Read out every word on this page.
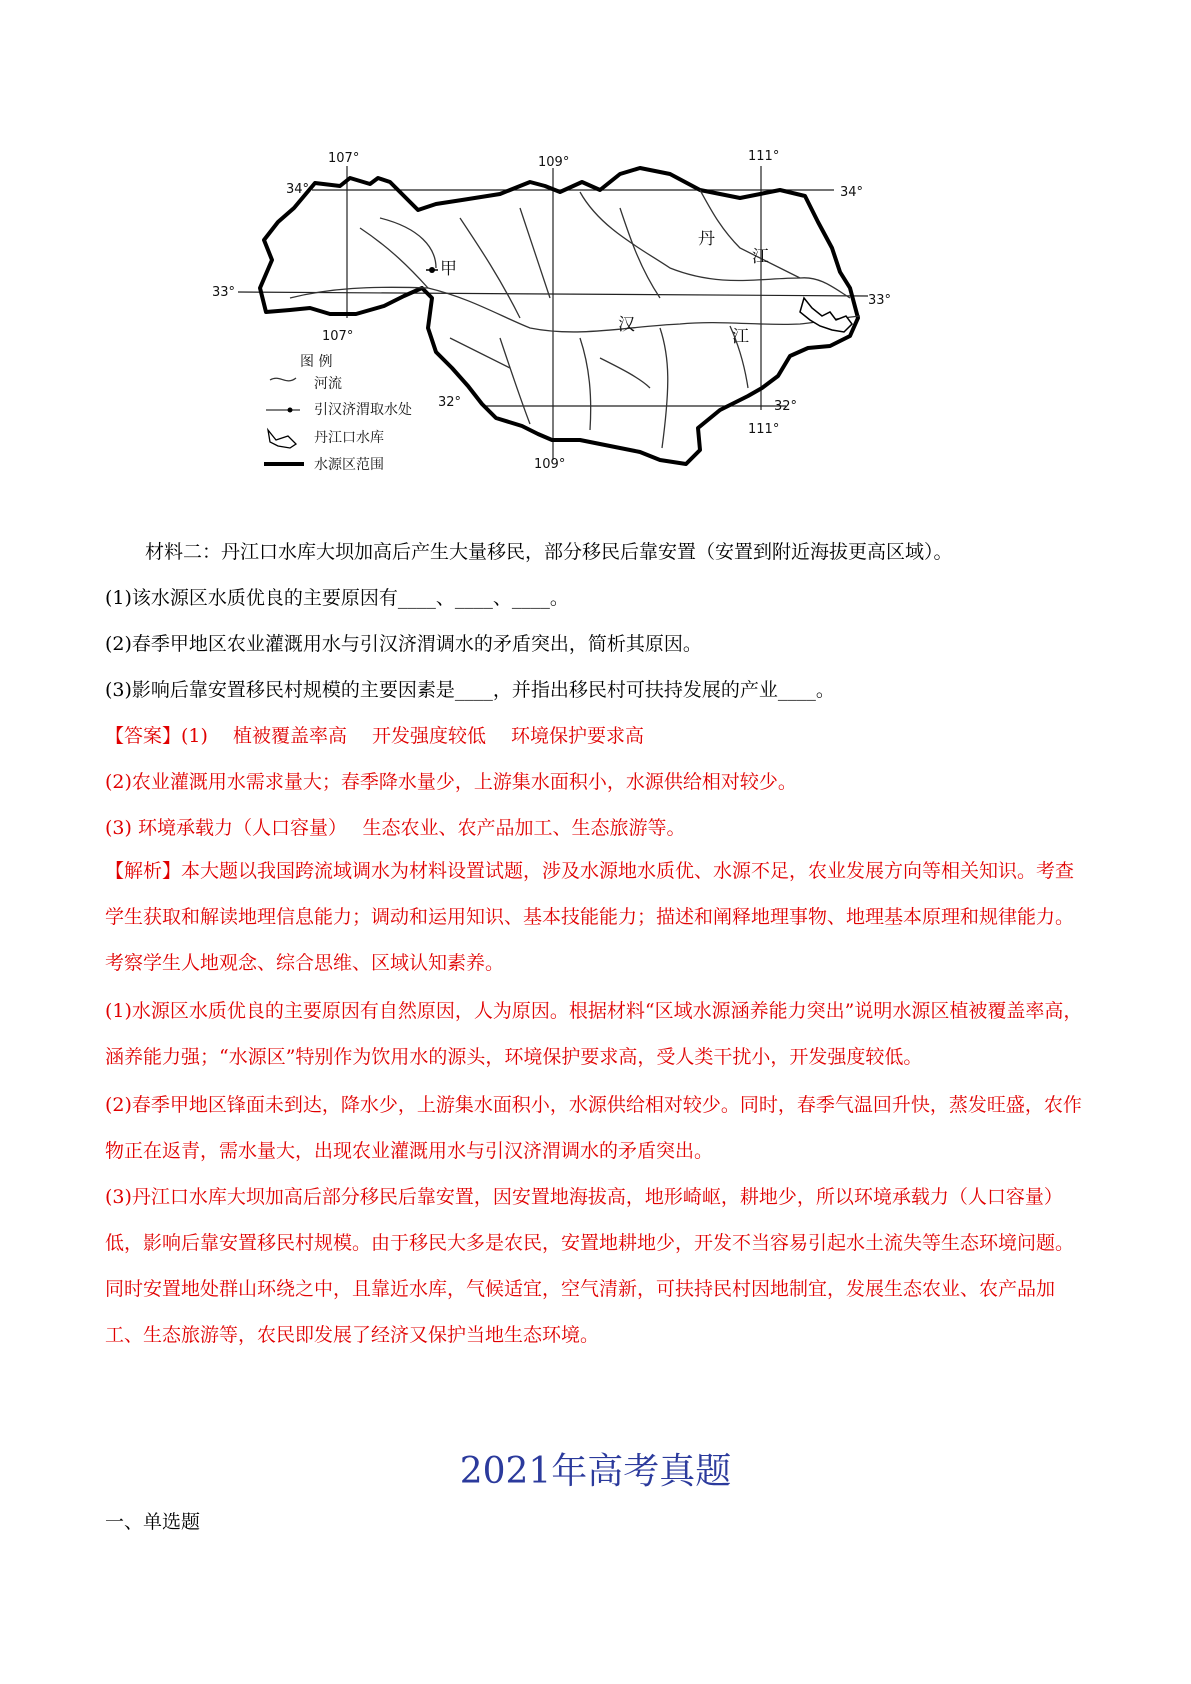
107°	109°	111°
107°
109°
111°
34°
33°
32°
34°
33°
32°
甲
丹
江
汉
江
图 例
河流
引汉济渭取水处
丹江口水库
水源区范围
材料二：丹江口水库大坝加高后产生大量移民，部分移民后靠安置（安置到附近海拔更高区域）。
(1)该水源区水质优良的主要原因有____、____、____。
(2)春季甲地区农业灌溉用水与引汉济渭调水的矛盾突出，简析其原因。
(3)影响后靠安置移民村规模的主要因素是____，并指出移民村可扶持发展的产业____。
【答案】(1)　 植被覆盖率高　 开发强度较低　 环境保护要求高
(2)农业灌溉用水需求量大；春季降水量少，上游集水面积小，水源供给相对较少。
(3) 环境承载力（人口容量）　 生态农业、农产品加工、生态旅游等。
【解析】本大题以我国跨流域调水为材料设置试题，涉及水源地水质优、水源不足，农业发展方向等相关知识。考查学生获取和解读地理信息能力；调动和运用知识、基本技能能力；描述和阐释地理事物、地理基本原理和规律能力。考察学生人地观念、综合思维、区域认知素养。
(1)水源区水质优良的主要原因有自然原因，人为原因。根据材料“区域水源涵养能力突出”说明水源区植被覆盖率高，涵养能力强；“水源区”特别作为饮用水的源头，环境保护要求高，受人类干扰小，开发强度较低。
(2)春季甲地区锋面未到达，降水少，上游集水面积小，水源供给相对较少。同时，春季气温回升快，蒸发旺盛，农作物正在返青，需水量大，出现农业灌溉用水与引汉济渭调水的矛盾突出。
(3)丹江口水库大坝加高后部分移民后靠安置，因安置地海拔高，地形崎岖，耕地少，所以环境承载力（人口容量）低，影响后靠安置移民村规模。由于移民大多是农民，安置地耕地少，开发不当容易引起水土流失等生态环境问题。同时安置地处群山环绕之中，且靠近水库，气候适宜，空气清新，可扶持民村因地制宜，发展生态农业、农产品加工、生态旅游等，农民即发展了经济又保护当地生态环境。
2021年高考真题
一、单选题
